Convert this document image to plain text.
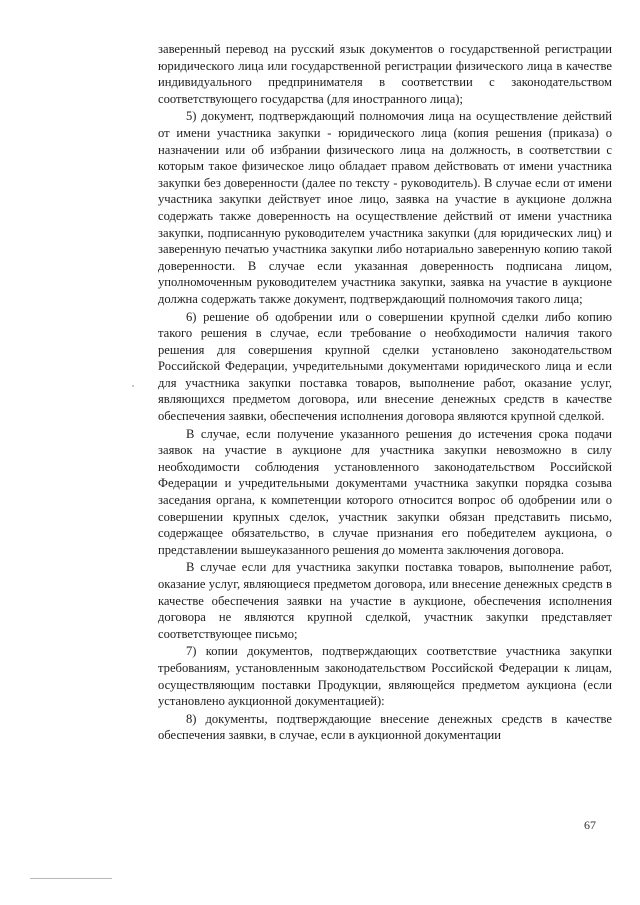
заверенный перевод на русский язык документов о государственной регистрации юридического лица или государственной регистрации физического лица в качестве индивидуального предпринимателя в соответствии с законодательством соответствующего государства (для иностранного лица);

5) документ, подтверждающий полномочия лица на осуществление действий от имени участника закупки - юридического лица (копия решения (приказа) о назначении или об избрании физического лица на должность, в соответствии с которым такое физическое лицо обладает правом действовать от имени участника закупки без доверенности (далее по тексту - руководитель). В случае если от имени участника закупки действует иное лицо, заявка на участие в аукционе должна содержать также доверенность на осуществление действий от имени участника закупки, подписанную руководителем участника закупки (для юридических лиц) и заверенную печатью участника закупки либо нотариально заверенную копию такой доверенности. В случае если указанная доверенность подписана лицом, уполномоченным руководителем участника закупки, заявка на участие в аукционе должна содержать также документ, подтверждающий полномочия такого лица;

6) решение об одобрении или о совершении крупной сделки либо копию такого решения в случае, если требование о необходимости наличия такого решения для совершения крупной сделки установлено законодательством Российской Федерации, учредительными документами юридического лица и если для участника закупки поставка товаров, выполнение работ, оказание услуг, являющихся предметом договора, или внесение денежных средств в качестве обеспечения заявки, обеспечения исполнения договора являются крупной сделкой.

В случае, если получение указанного решения до истечения срока подачи заявок на участие в аукционе для участника закупки невозможно в силу необходимости соблюдения установленного законодательством Российской Федерации и учредительными документами участника закупки порядка созыва заседания органа, к компетенции которого относится вопрос об одобрении или о совершении крупных сделок, участник закупки обязан представить письмо, содержащее обязательство, в случае признания его победителем аукциона, о представлении вышеуказанного решения до момента заключения договора.

В случае если для участника закупки поставка товаров, выполнение работ, оказание услуг, являющиеся предметом договора, или внесение денежных средств в качестве обеспечения заявки на участие в аукционе, обеспечения исполнения договора не являются крупной сделкой, участник закупки представляет соответствующее письмо;

7) копии документов, подтверждающих соответствие участника закупки требованиям, установленным законодательством Российской Федерации к лицам, осуществляющим поставки Продукции, являющейся предметом аукциона (если установлено аукционной документацией):

8) документы, подтверждающие внесение денежных средств в качестве обеспечения заявки, в случае, если в аукционной документации

67
